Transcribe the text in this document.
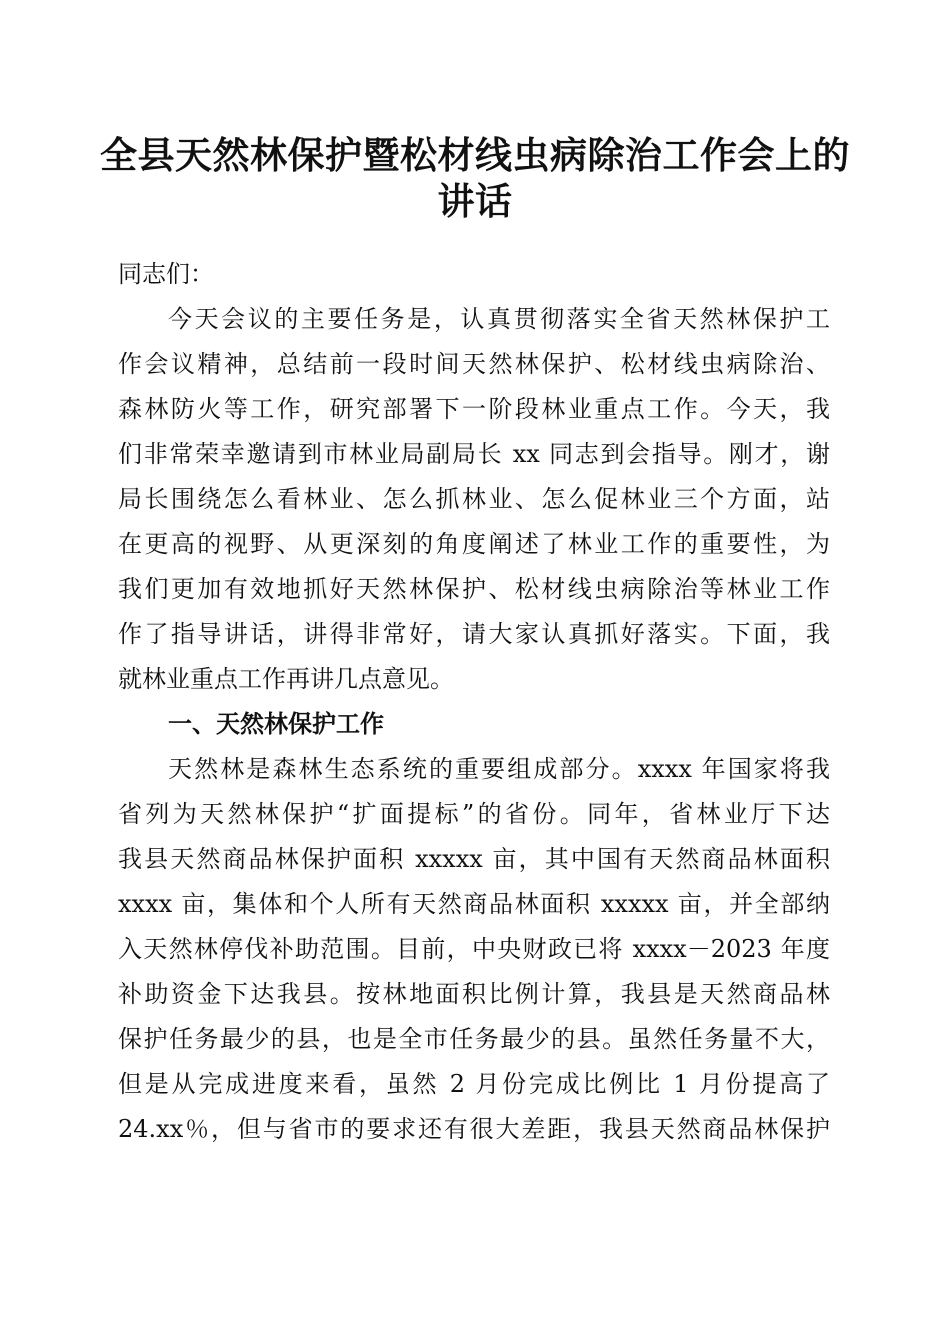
全县天然林保护暨松材线虫病除治工作会上的
讲话
同志们：
今天会议的主要任务是，认真贯彻落实全省天然林保护工
作会议精神，总结前一段时间天然林保护、松材线虫病除治、
森林防火等工作，研究部署下一阶段林业重点工作。今天，我
们非常荣幸邀请到市林业局副局长 xx 同志到会指导。刚才，谢
局长围绕怎么看林业、怎么抓林业、怎么促林业三个方面，站
在更高的视野、从更深刻的角度阐述了林业工作的重要性，为
我们更加有效地抓好天然林保护、松材线虫病除治等林业工作
作了指导讲话，讲得非常好，请大家认真抓好落实。下面，我
就林业重点工作再讲几点意见。
一、天然林保护工作
天然林是森林生态系统的重要组成部分。xxxx 年国家将我
省列为天然林保护“扩面提标”的省份。同年，省林业厅下达
我县天然商品林保护面积 xxxxx 亩，其中国有天然商品林面积
xxxx 亩，集体和个人所有天然商品林面积 xxxxx 亩，并全部纳
入天然林停伐补助范围。目前，中央财政已将 xxxx－2023 年度
补助资金下达我县。按林地面积比例计算，我县是天然商品林
保护任务最少的县，也是全市任务最少的县。虽然任务量不大，
但是从完成进度来看，虽然 2 月份完成比例比 1 月份提高了
24.xx％，但与省市的要求还有很大差距，我县天然商品林保护
